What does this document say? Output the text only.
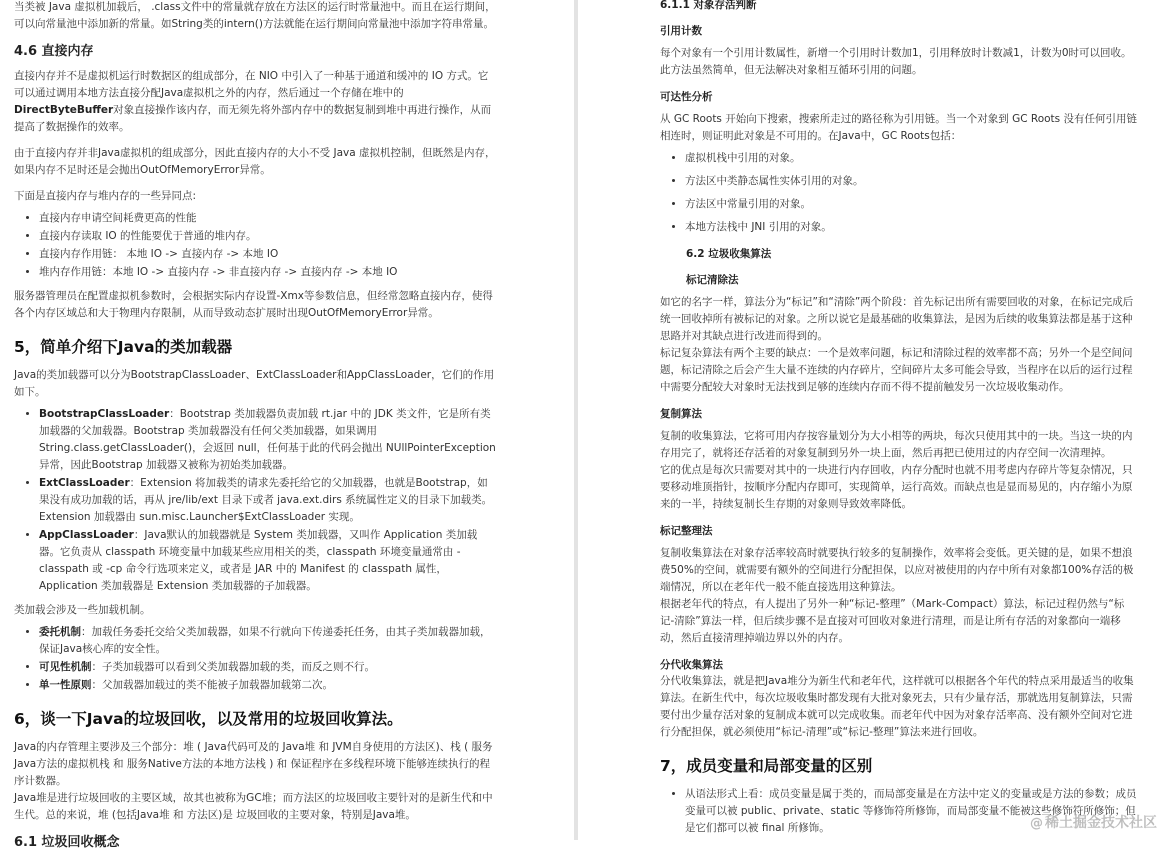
当类被 Java 虚拟机加载后， .class文件中的常量就存放在方法区的运行时常量池中。而且在运行期间，可以向常量池中添加新的常量。如String类的intern()方法就能在运行期间向常量池中添加字符串常量。

4.6 直接内存

直接内存并不是虚拟机运行时数据区的组成部分，在 NIO 中引入了一种基于通道和缓冲的 IO 方式。它可以通过调用本地方法直接分配Java虚拟机之外的内存，然后通过一个存储在堆中的DirectByteBuffer对象直接操作该内存，而无须先将外部内存中的数据复制到堆中再进行操作，从而提高了数据操作的效率。

由于直接内存并非Java虚拟机的组成部分，因此直接内存的大小不受 Java 虚拟机控制，但既然是内存，如果内存不足时还是会抛出OutOfMemoryError异常。

下面是直接内存与堆内存的一些异同点:

• 直接内存申请空间耗费更高的性能
• 直接内存读取 IO 的性能要优于普通的堆内存。
• 直接内存作用链： 本地 IO -> 直接内存 -> 本地 IO
• 堆内存作用链：本地 IO -> 直接内存 -> 非直接内存 -> 直接内存 -> 本地 IO

服务器管理员在配置虚拟机参数时，会根据实际内存设置-Xmx等参数信息，但经常忽略直接内存，使得各个内存区域总和大于物理内存限制，从而导致动态扩展时出现OutOfMemoryError异常。

5，简单介绍下Java的类加载器

Java的类加载器可以分为BootstrapClassLoader、ExtClassLoader和AppClassLoader，它们的作用如下。

• BootstrapClassLoader：Bootstrap 类加载器负责加载 rt.jar 中的 JDK 类文件，它是所有类加载器的父加载器。Bootstrap 类加载器没有任何父类加载器，如果调用String.class.getClassLoader()，会返回 null，任何基于此的代码会抛出 NUllPointerException 异常，因此Bootstrap 加载器又被称为初始类加载器。
• ExtClassLoader：Extension 将加载类的请求先委托给它的父加载器，也就是Bootstrap，如果没有成功加载的话，再从 jre/lib/ext 目录下或者 java.ext.dirs 系统属性定义的目录下加载类。Extension 加载器由 sun.misc.Launcher$ExtClassLoader 实现。
• AppClassLoader：Java默认的加载器就是 System 类加载器，又叫作 Application 类加载器。它负责从 classpath 环境变量中加载某些应用相关的类，classpath 环境变量通常由 -classpath 或 -cp 命令行选项来定义，或者是 JAR 中的 Manifest 的 classpath 属性，Application 类加载器是 Extension 类加载器的子加载器。

类加载会涉及一些加载机制。

• 委托机制：加载任务委托交给父类加载器，如果不行就向下传递委托任务，由其子类加载器加载，保证Java核心库的安全性。
• 可见性机制：子类加载器可以看到父类加载器加载的类，而反之则不行。
• 单一性原则：父加载器加载过的类不能被子加载器加载第二次。
6，谈一下Java的垃圾回收，以及常用的垃圾回收算法。

Java的内存管理主要涉及三个部分：堆 ( Java代码可及的 Java堆 和 JVM自身使用的方法区)、栈 ( 服务Java方法的虚拟机栈 和 服务Native方法的本地方法栈 ) 和 保证程序在多线程环境下能够连续执行的程序计数器。

Java堆是进行垃圾回收的主要区域，故其也被称为GC堆；而方法区的垃圾回收主要针对的是新生代和中生代。总的来说，堆 (包括Java堆 和 方法区)是 垃圾回收的主要对象，特别是Java堆。

6.1 垃圾回收概念
6.1.1 对象存活判断
引用计数

每个对象有一个引用计数属性，新增一个引用时计数加1，引用释放时计数减1，计数为0时可以回收。此方法虽然简单，但无法解决对象相互循环引用的问题。

可达性分析

从 GC Roots 开始向下搜索，搜索所走过的路径称为引用链。当一个对象到 GC Roots 没有任何引用链相连时，则证明此对象是不可用的。在Java中，GC Roots包括：

• 虚拟机栈中引用的对象。
• 方法区中类静态属性实体引用的对象。
• 方法区中常量引用的对象。
• 本地方法栈中 JNI 引用的对象。
6.2 垃圾收集算法
标记清除法

如它的名字一样，算法分为“标记”和“清除”两个阶段：首先标记出所有需要回收的对象，在标记完成后统一回收掉所有被标记的对象。之所以说它是最基础的收集算法，是因为后续的收集算法都是基于这种思路并对其缺点进行改进而得到的。

标记复杂算法有两个主要的缺点：一个是效率问题，标记和清除过程的效率都不高；另外一个是空间问题，标记清除之后会产生大量不连续的内存碎片，空间碎片太多可能会导致，当程序在以后的运行过程中需要分配较大对象时无法找到足够的连续内存而不得不提前触发另一次垃圾收集动作。

复制算法

复制的收集算法，它将可用内存按容量划分为大小相等的两块，每次只使用其中的一块。当这一块的内存用完了，就将还存活着的对象复制到另外一块上面，然后再把已使用过的内存空间一次清理掉。

它的优点是每次只需要对其中的一块进行内存回收，内存分配时也就不用考虑内存碎片等复杂情况，只要移动堆顶指针，按顺序分配内存即可，实现简单，运行高效。而缺点也是显而易见的，内存缩小为原来的一半，持续复制长生存期的对象则导致效率降低。

标记整理法

复制收集算法在对象存活率较高时就要执行较多的复制操作，效率将会变低。更关键的是，如果不想浪费50%的空间，就需要有额外的空间进行分配担保，以应对被使用的内存中所有对象都100%存活的极端情况，所以在老年代一般不能直接选用这种算法。

根据老年代的特点，有人提出了另外一种“标记-整理”（Mark-Compact）算法，标记过程仍然与“标记-清除”算法一样，但后续步骤不是直接对可回收对象进行清理，而是让所有存活的对象都向一端移动，然后直接清理掉端边界以外的内存。

分代收集算法

分代收集算法，就是把Java堆分为新生代和老年代，这样就可以根据各个年代的特点采用最适当的收集算法。在新生代中，每次垃圾收集时都发现有大批对象死去，只有少量存活，那就选用复制算法，只需要付出少量存活对象的复制成本就可以完成收集。而老年代中因为对象存活率高、没有额外空间对它进行分配担保，就必须使用“标记-清理”或“标记-整理”算法来进行回收。

7，成员变量和局部变量的区别
• 从语法形式上看：成员变量是属于类的，而局部变量是在方法中定义的变量或是方法的参数；成员变量可以被 public、private、static 等修饰符所修饰，而局部变量不能被这些修饰符所修饰；但是它们都可以被 final 所修饰。	@ 稀土掘金技术社区
